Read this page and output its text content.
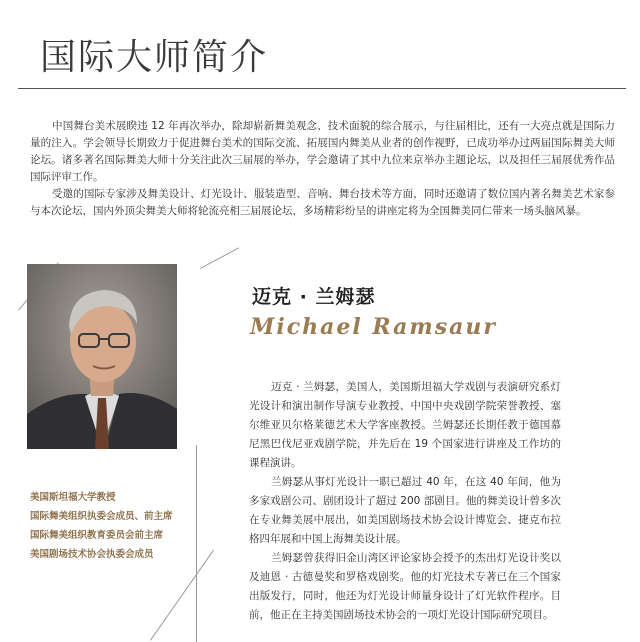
国际大师简介

中国舞台美术展睽违 12 年再次举办，除却崭新舞美观念、技术面貌的综合展示，与往届相比，还有一大亮点就是国际力量的注入。学会领导长期致力于促进舞台美术的国际交流、拓展国内舞美从业者的创作视野，已成功举办过两届国际舞美大师论坛。诸多著名国际舞美大师十分关注此次三届展的举办，学会邀请了其中九位来京举办主题论坛，以及担任三届展优秀作品国际评审工作。

受邀的国际专家涉及舞美设计、灯光设计、服装造型、音响、舞台技术等方面，同时还邀请了数位国内著名舞美艺术家参与本次论坛，国内外顶尖舞美大师将轮流亮相三届展论坛，多场精彩纷呈的讲座定将为全国舞美同仁带来一场头脑风暴。

迈克 · 兰姆瑟
Michael Ramsaur
美国斯坦福大学教授
国际舞美组织执委会成员、前主席
国际舞美组织教育委员会前主席
美国剧场技术协会执委会成员

迈克 · 兰姆瑟，美国人，美国斯坦福大学戏剧与表演研究系灯光设计和演出制作导演专业教授、中国中央戏剧学院荣誉教授、塞尔维亚贝尔格莱德艺术大学客座教授。兰姆瑟还长期任教于德国慕尼黑巴伐尼亚戏剧学院，并先后在 19 个国家进行讲座及工作坊的课程演讲。

兰姆瑟从事灯光设计一职已超过 40 年，在这 40 年间，他为多家戏剧公司、剧团设计了超过 200 部剧目。他的舞美设计曾多次在专业舞美展中展出，如美国剧场技术协会设计博览会、捷克布拉格四年展和中国上海舞美设计展。

兰姆瑟曾获得旧金山湾区评论家协会授予的杰出灯光设计奖以及迪恩 · 古德曼奖和罗格戏剧奖。他的灯光技术专著已在三个国家出版发行，同时，他还为灯光设计师量身设计了灯光软件程序。目前，他正在主持美国剧场技术协会的一项灯光设计国际研究项目。
